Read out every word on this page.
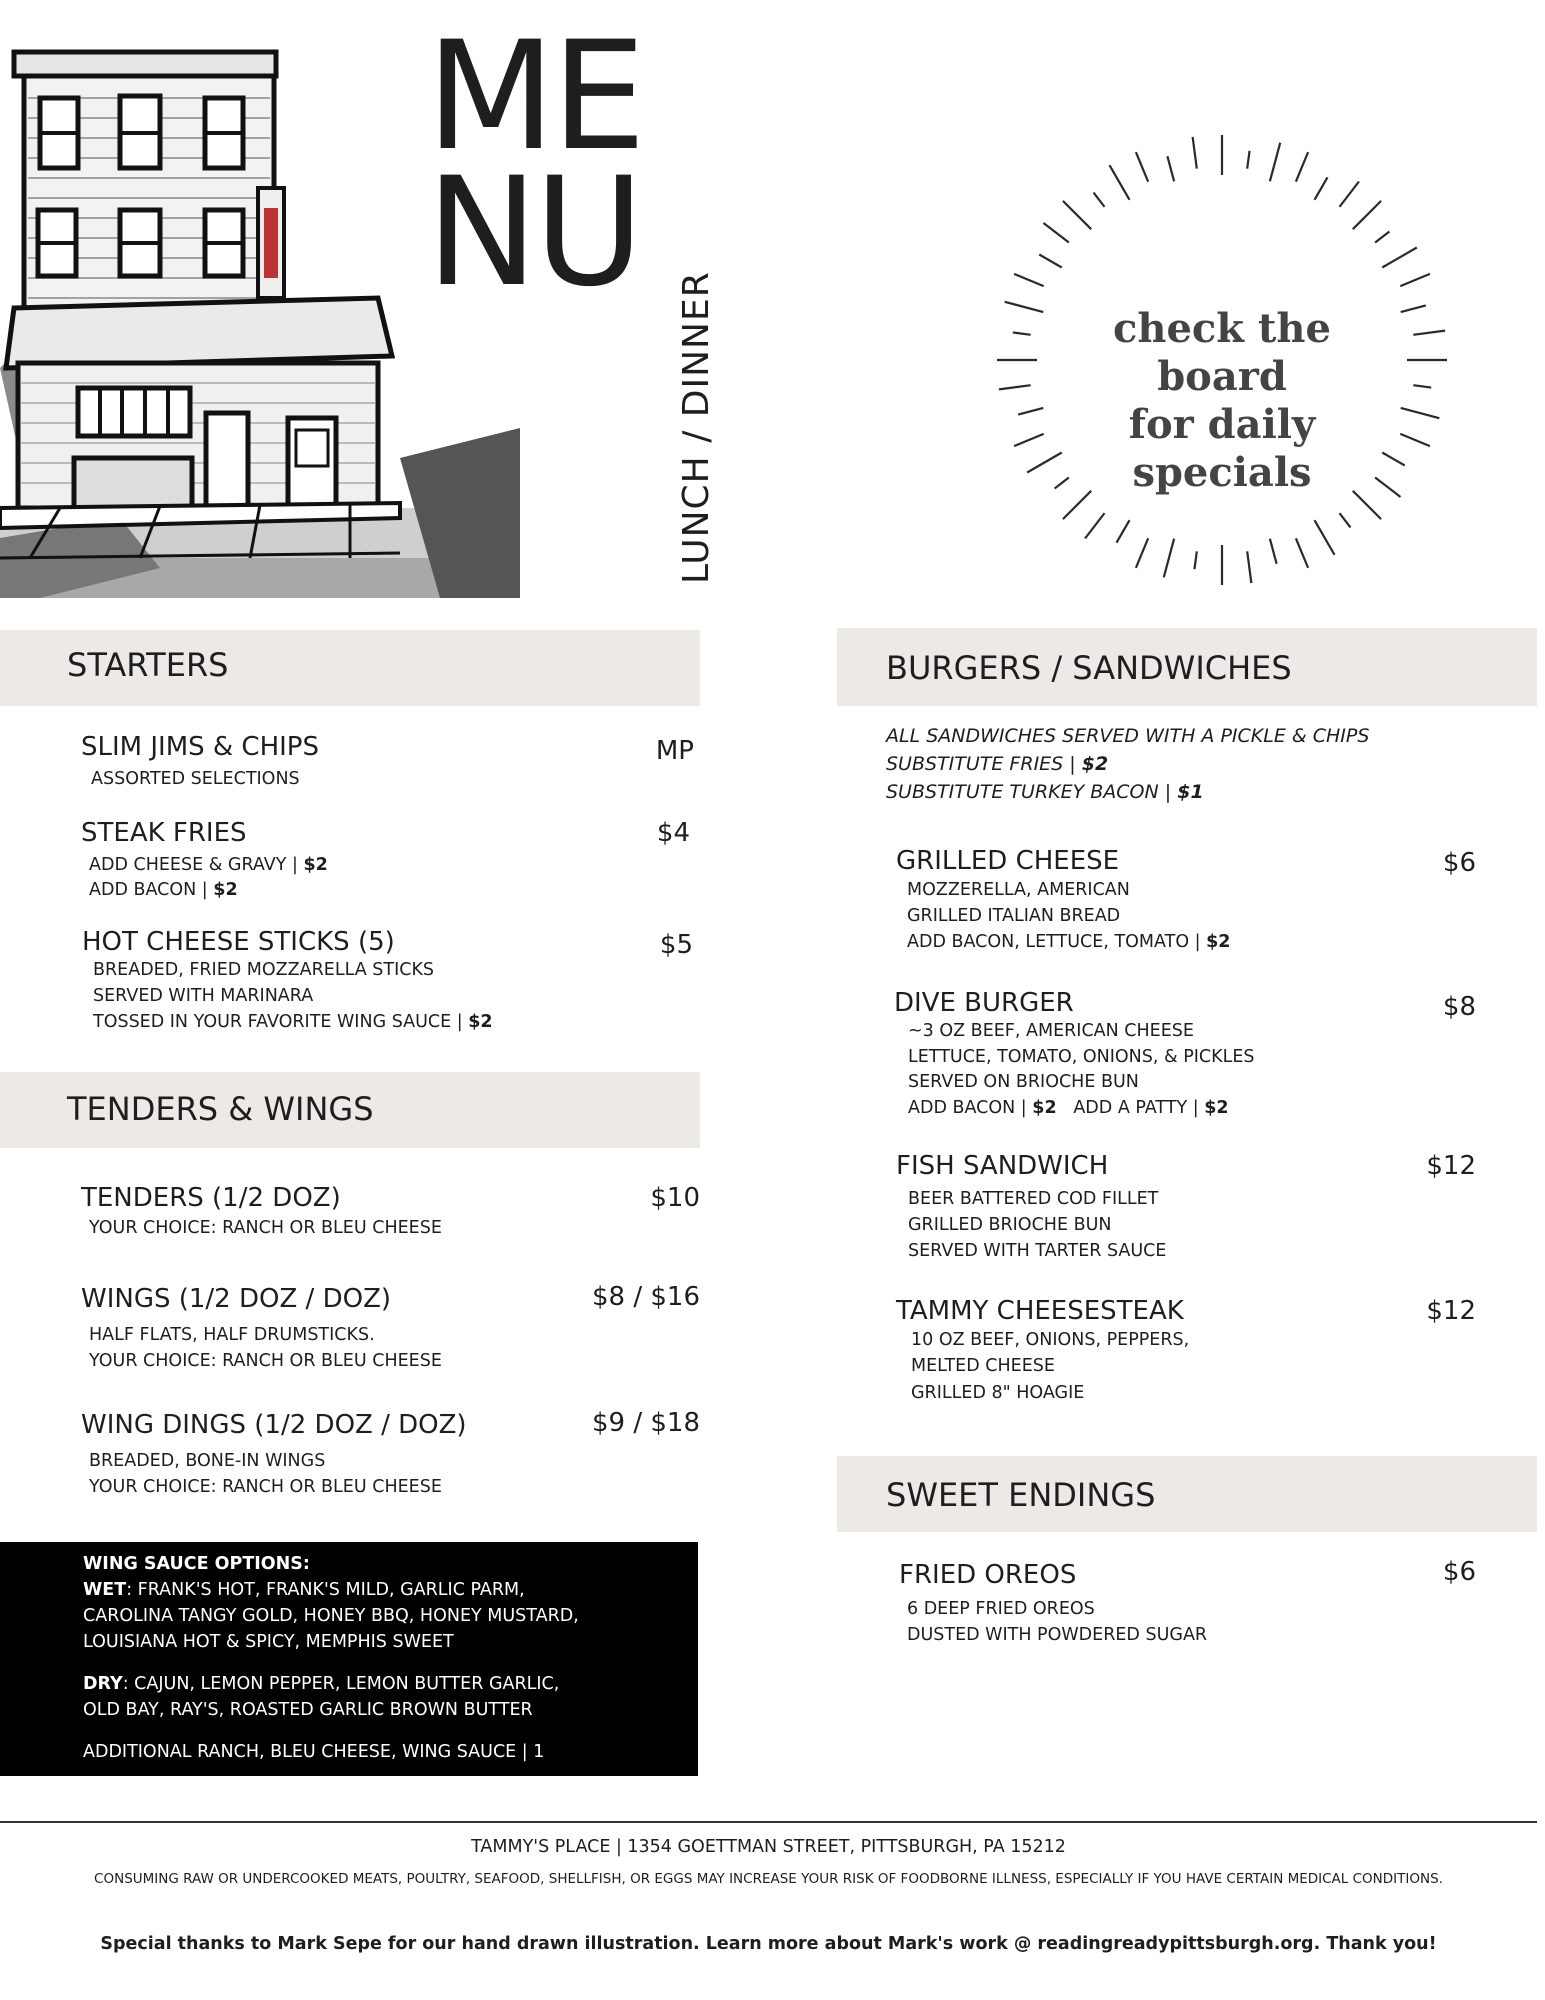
ME
NU
LUNCH / DINNER	check the board
for daily specials
STARTERS
SLIM JIMS & CHIPS	MP
ASSORTED SELECTIONS
STEAK FRIES	$4
ADD CHEESE & GRAVY | $2
ADD BACON | $2
HOT CHEESE STICKS (5)	$5
BREADED, FRIED MOZZARELLA STICKS
SERVED WITH MARINARA
TOSSED IN YOUR FAVORITE WING SAUCE | $2
TENDERS & WINGS
TENDERS (1/2 DOZ)	$10
YOUR CHOICE: RANCH OR BLEU CHEESE
WINGS (1/2 DOZ / DOZ)	$8 / $16
HALF FLATS, HALF DRUMSTICKS.
YOUR CHOICE: RANCH OR BLEU CHEESE
WING DINGS (1/2 DOZ / DOZ)	$9 / $18
BREADED, BONE-IN WINGS
YOUR CHOICE: RANCH OR BLEU CHEESE
WING SAUCE OPTIONS:
WET: FRANK'S HOT, FRANK'S MILD, GARLIC PARM,
CAROLINA TANGY GOLD, HONEY BBQ, HONEY MUSTARD,
LOUISIANA HOT & SPICY, MEMPHIS SWEET
DRY: CAJUN, LEMON PEPPER, LEMON BUTTER GARLIC,
OLD BAY, RAY'S, ROASTED GARLIC BROWN BUTTER
ADDITIONAL RANCH, BLEU CHEESE, WING SAUCE | 1
BURGERS / SANDWICHES
ALL SANDWICHES SERVED WITH A PICKLE & CHIPS
SUBSTITUTE FRIES | $2
SUBSTITUTE TURKEY BACON | $1
GRILLED CHEESE	$6
MOZZERELLA, AMERICAN
GRILLED ITALIAN BREAD
ADD BACON, LETTUCE, TOMATO | $2
DIVE BURGER	$8
~3 OZ BEEF, AMERICAN CHEESE
LETTUCE, TOMATO, ONIONS, & PICKLES
SERVED ON BRIOCHE BUN
ADD BACON | $2 ADD A PATTY | $2
FISH SANDWICH	$12
BEER BATTERED COD FILLET
GRILLED BRIOCHE BUN
SERVED WITH TARTER SAUCE
TAMMY CHEESESTEAK	$12
10 OZ BEEF, ONIONS, PEPPERS,
MELTED CHEESE
GRILLED 8" HOAGIE
SWEET ENDINGS
FRIED OREOS	$6
6 DEEP FRIED OREOS
DUSTED WITH POWDERED SUGAR
TAMMY'S PLACE | 1354 GOETTMAN STREET, PITTSBURGH, PA 15212
CONSUMING RAW OR UNDERCOOKED MEATS, POULTRY, SEAFOOD, SHELLFISH, OR EGGS MAY INCREASE YOUR RISK OF FOODBORNE ILLNESS, ESPECIALLY IF YOU HAVE CERTAIN MEDICAL CONDITIONS.
Special thanks to Mark Sepe for our hand drawn illustration. Learn more about Mark's work @ readingreadypittsburgh.org. Thank you!
